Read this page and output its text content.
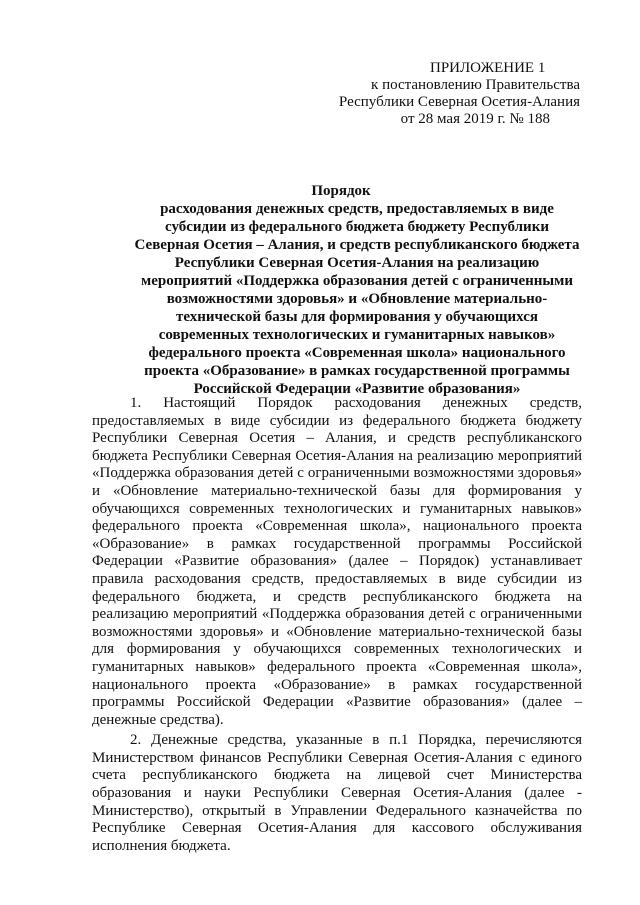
ПРИЛОЖЕНИЕ 1
к постановлению Правительства
Республики Северная Осетия-Алания
от 28 мая 2019 г. № 188
Порядок
расходования денежных средств, предоставляемых в виде субсидии из федерального бюджета бюджету Республики Северная Осетия – Алания, и средств республиканского бюджета Республики Северная Осетия-Алания на реализацию мероприятий «Поддержка образования детей с ограниченными возможностями здоровья» и «Обновление материально-технической базы для формирования у обучающихся современных технологических и гуманитарных навыков» федерального проекта «Современная школа» национального проекта «Образование» в рамках государственной программы Российской Федерации «Развитие образования»

1. Настоящий Порядок расходования денежных средств, предоставляемых в виде субсидии из федерального бюджета бюджету Республики Северная Осетия – Алания, и средств республиканского бюджета Республики Северная Осетия-Алания на реализацию мероприятий «Поддержка образования детей с ограниченными возможностями здоровья» и «Обновление материально-технической базы для формирования у обучающихся современных технологических и гуманитарных навыков» федерального проекта «Современная школа», национального проекта «Образование» в рамках государственной программы Российской Федерации «Развитие образования» (далее – Порядок) устанавливает правила расходования средств, предоставляемых в виде субсидии из федерального бюджета, и средств республиканского бюджета на реализацию мероприятий «Поддержка образования детей с ограниченными возможностями здоровья» и «Обновление материально-технической базы для формирования у обучающихся современных технологических и гуманитарных навыков» федерального проекта «Современная школа», национального проекта «Образование» в рамках государственной программы Российской Федерации «Развитие образования» (далее – денежные средства).

2. Денежные средства, указанные в п.1 Порядка, перечисляются Министерством финансов Республики Северная Осетия-Алания с единого счета республиканского бюджета на лицевой счет Министерства образования и науки Республики Северная Осетия-Алания (далее - Министерство), открытый в Управлении Федерального казначейства по Республике Северная Осетия-Алания для кассового обслуживания исполнения бюджета.
